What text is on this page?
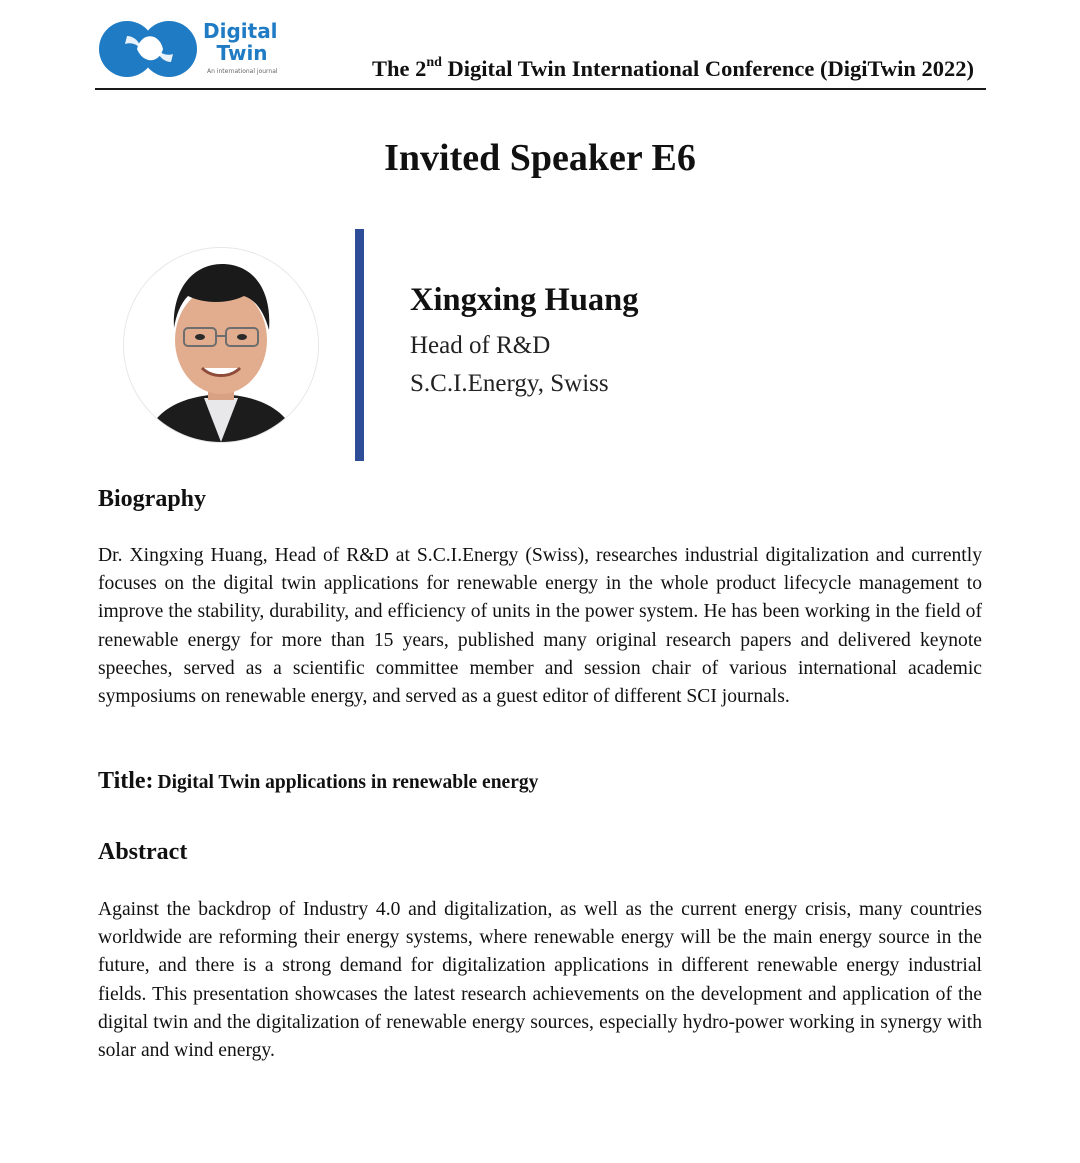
Digital
Twin
An international journal	The 2nd Digital Twin International Conference (DigiTwin 2022)
Invited Speaker E6
Xingxing Huang
Head of R&D
S.C.I.Energy, Swiss
Biography
Dr. Xingxing Huang, Head of R&D at S.C.I.Energy (Swiss), researches industrial digitalization and currently focuses on the digital twin applications for renewable energy in the whole product lifecycle management to improve the stability, durability, and efficiency of units in the power system. He has been working in the field of renewable energy for more than 15 years, published many original research papers and delivered keynote speeches, served as a scientific committee member and session chair of various international academic symposiums on renewable energy, and served as a guest editor of different SCI journals.
Title: Digital Twin applications in renewable energy
Abstract
Against the backdrop of Industry 4.0 and digitalization, as well as the current energy crisis, many countries worldwide are reforming their energy systems, where renewable energy will be the main energy source in the future, and there is a strong demand for digitalization applications in different renewable energy industrial fields. This presentation showcases the latest research achievements on the development and application of the digital twin and the digitalization of renewable energy sources, especially hydro-power working in synergy with solar and wind energy.
